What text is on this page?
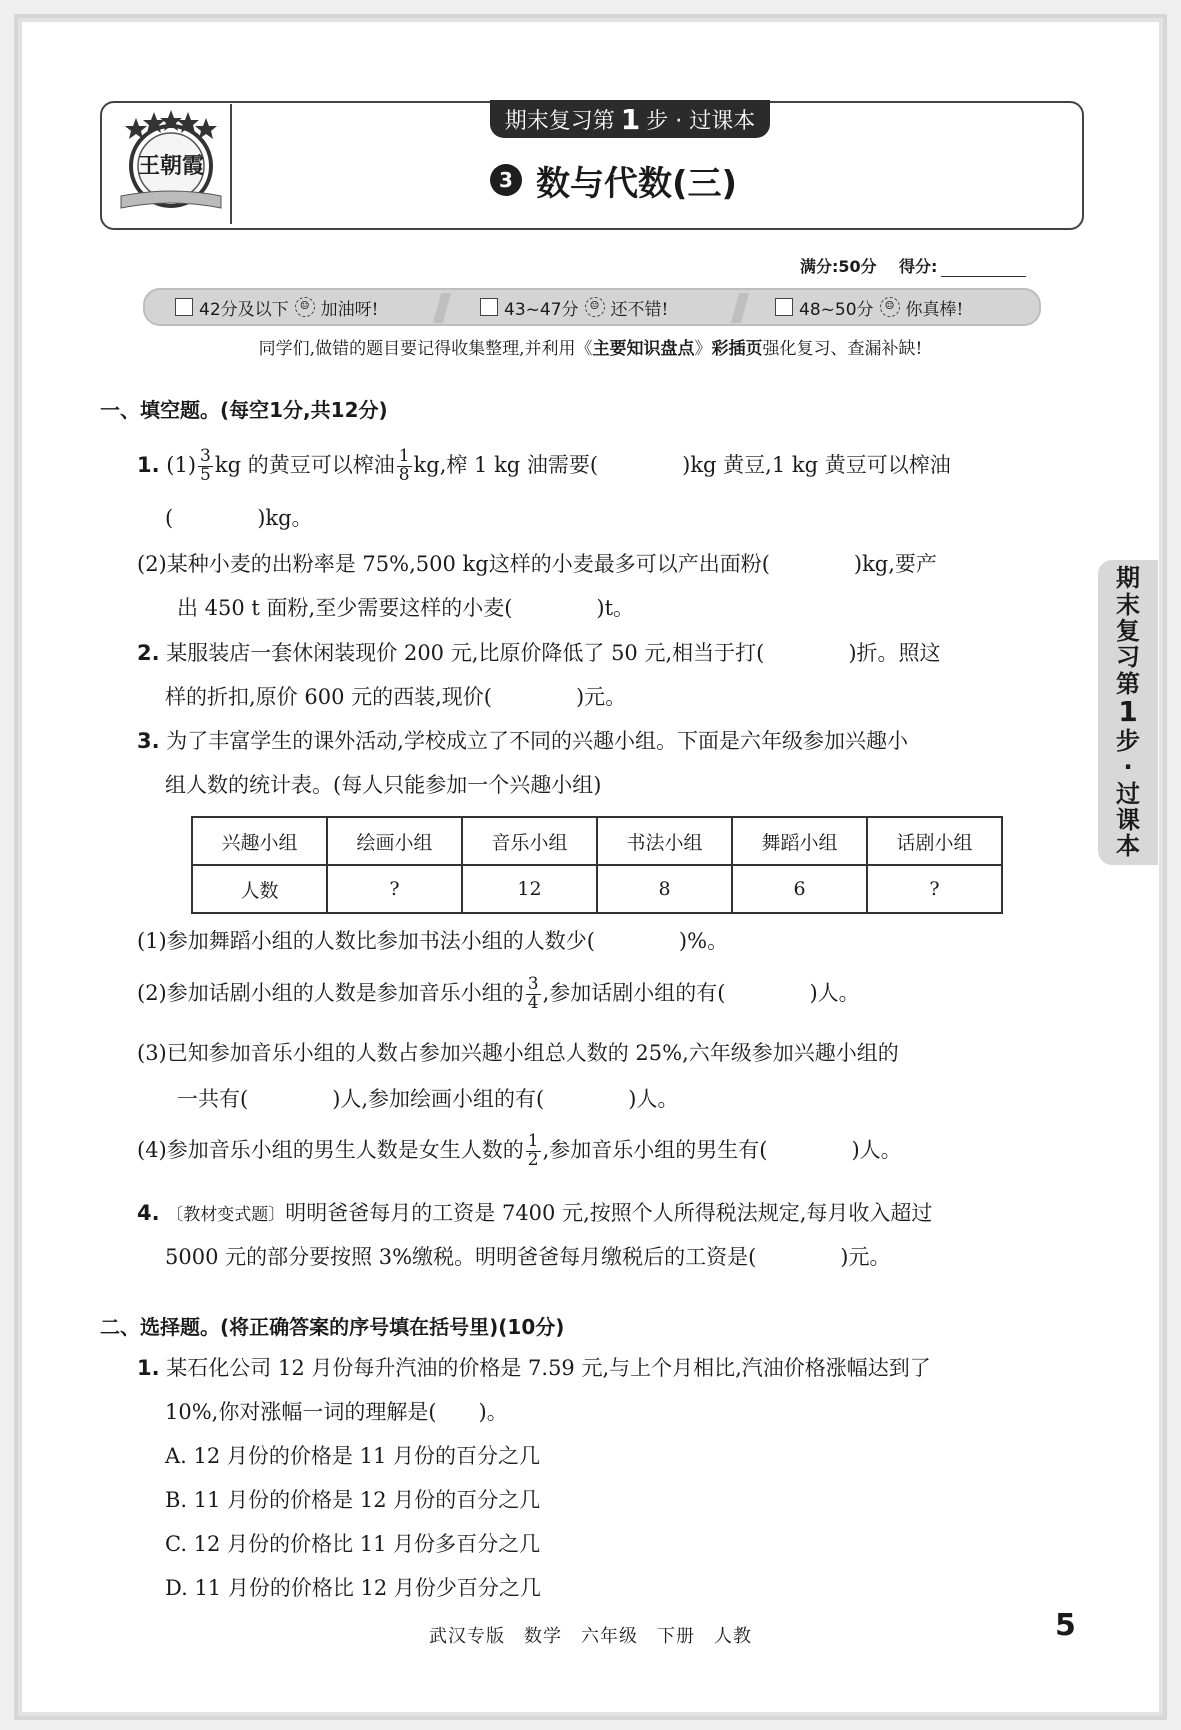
王朝霞
期末复习第 1 步 · 过课本
3 数与代数(三)
满分:50分 得分:
42分及以下	☺ 加油呀!	43~47分	☺ 还不错!	48~50分	☺ 你真棒!
同学们,做错的题目要记得收集整理,并利用《主要知识盘点》彩插页强化复习、查漏补缺!
一、填空题。(每空1分,共12分)
1. $(1) \frac{3}{5}$ kg 的黄豆可以榨油 $\frac{1}{8}$ kg,榨 1 kg 油需要(　　　　)kg 黄豆,1 kg 黄豆可以榨油
(　　　　)kg。
(2)某种小麦的出粉率是 75%,500 kg这样的小麦最多可以产出面粉(　　　　)kg,要产
出 450 t 面粉,至少需要这样的小麦(　　　　)t。
2. 某服装店一套休闲装现价 200 元,比原价降低了 50 元,相当于打(　　　　)折。照这
样的折扣,原价 600 元的西装,现价(　　　　)元。
3. 为了丰富学生的课外活动,学校成立了不同的兴趣小组。下面是六年级参加兴趣小
组人数的统计表。(每人只能参加一个兴趣小组)
兴趣小组	绘画小组	音乐小组	书法小组	舞蹈小组	话剧小组
人数	?	12	8	6	?
(1)参加舞蹈小组的人数比参加书法小组的人数少(　　　　)%。
(2)参加话剧小组的人数是参加音乐小组的 $\frac{3}{4}$ ,参加话剧小组的有(　　　　)人。
(3)已知参加音乐小组的人数占参加兴趣小组总人数的 25%,六年级参加兴趣小组的
一共有(　　　　)人,参加绘画小组的有(　　　　)人。
(4)参加音乐小组的男生人数是女生人数的 $\frac{1}{2}$ ,参加音乐小组的男生有(　　　　)人。
4. 〔教材变式题〕明明爸爸每月的工资是 7400 元,按照个人所得税法规定,每月收入超过
5000 元的部分要按照 3%缴税。明明爸爸每月缴税后的工资是(　　　　)元。
二、选择题。(将正确答案的序号填在括号里)(10分)
1. 某石化公司 12 月份每升汽油的价格是 7.59 元,与上个月相比,汽油价格涨幅达到了
10%,你对涨幅一词的理解是(　　)。
A. 12 月份的价格是 11 月份的百分之几
B. 11 月份的价格是 12 月份的百分之几
C. 12 月份的价格比 11 月份多百分之几
D. 11 月份的价格比 12 月份少百分之几
期
末
复
习
第
1
步
·
过
课
本
武汉专版　数学　六年级　下册　人教	5
